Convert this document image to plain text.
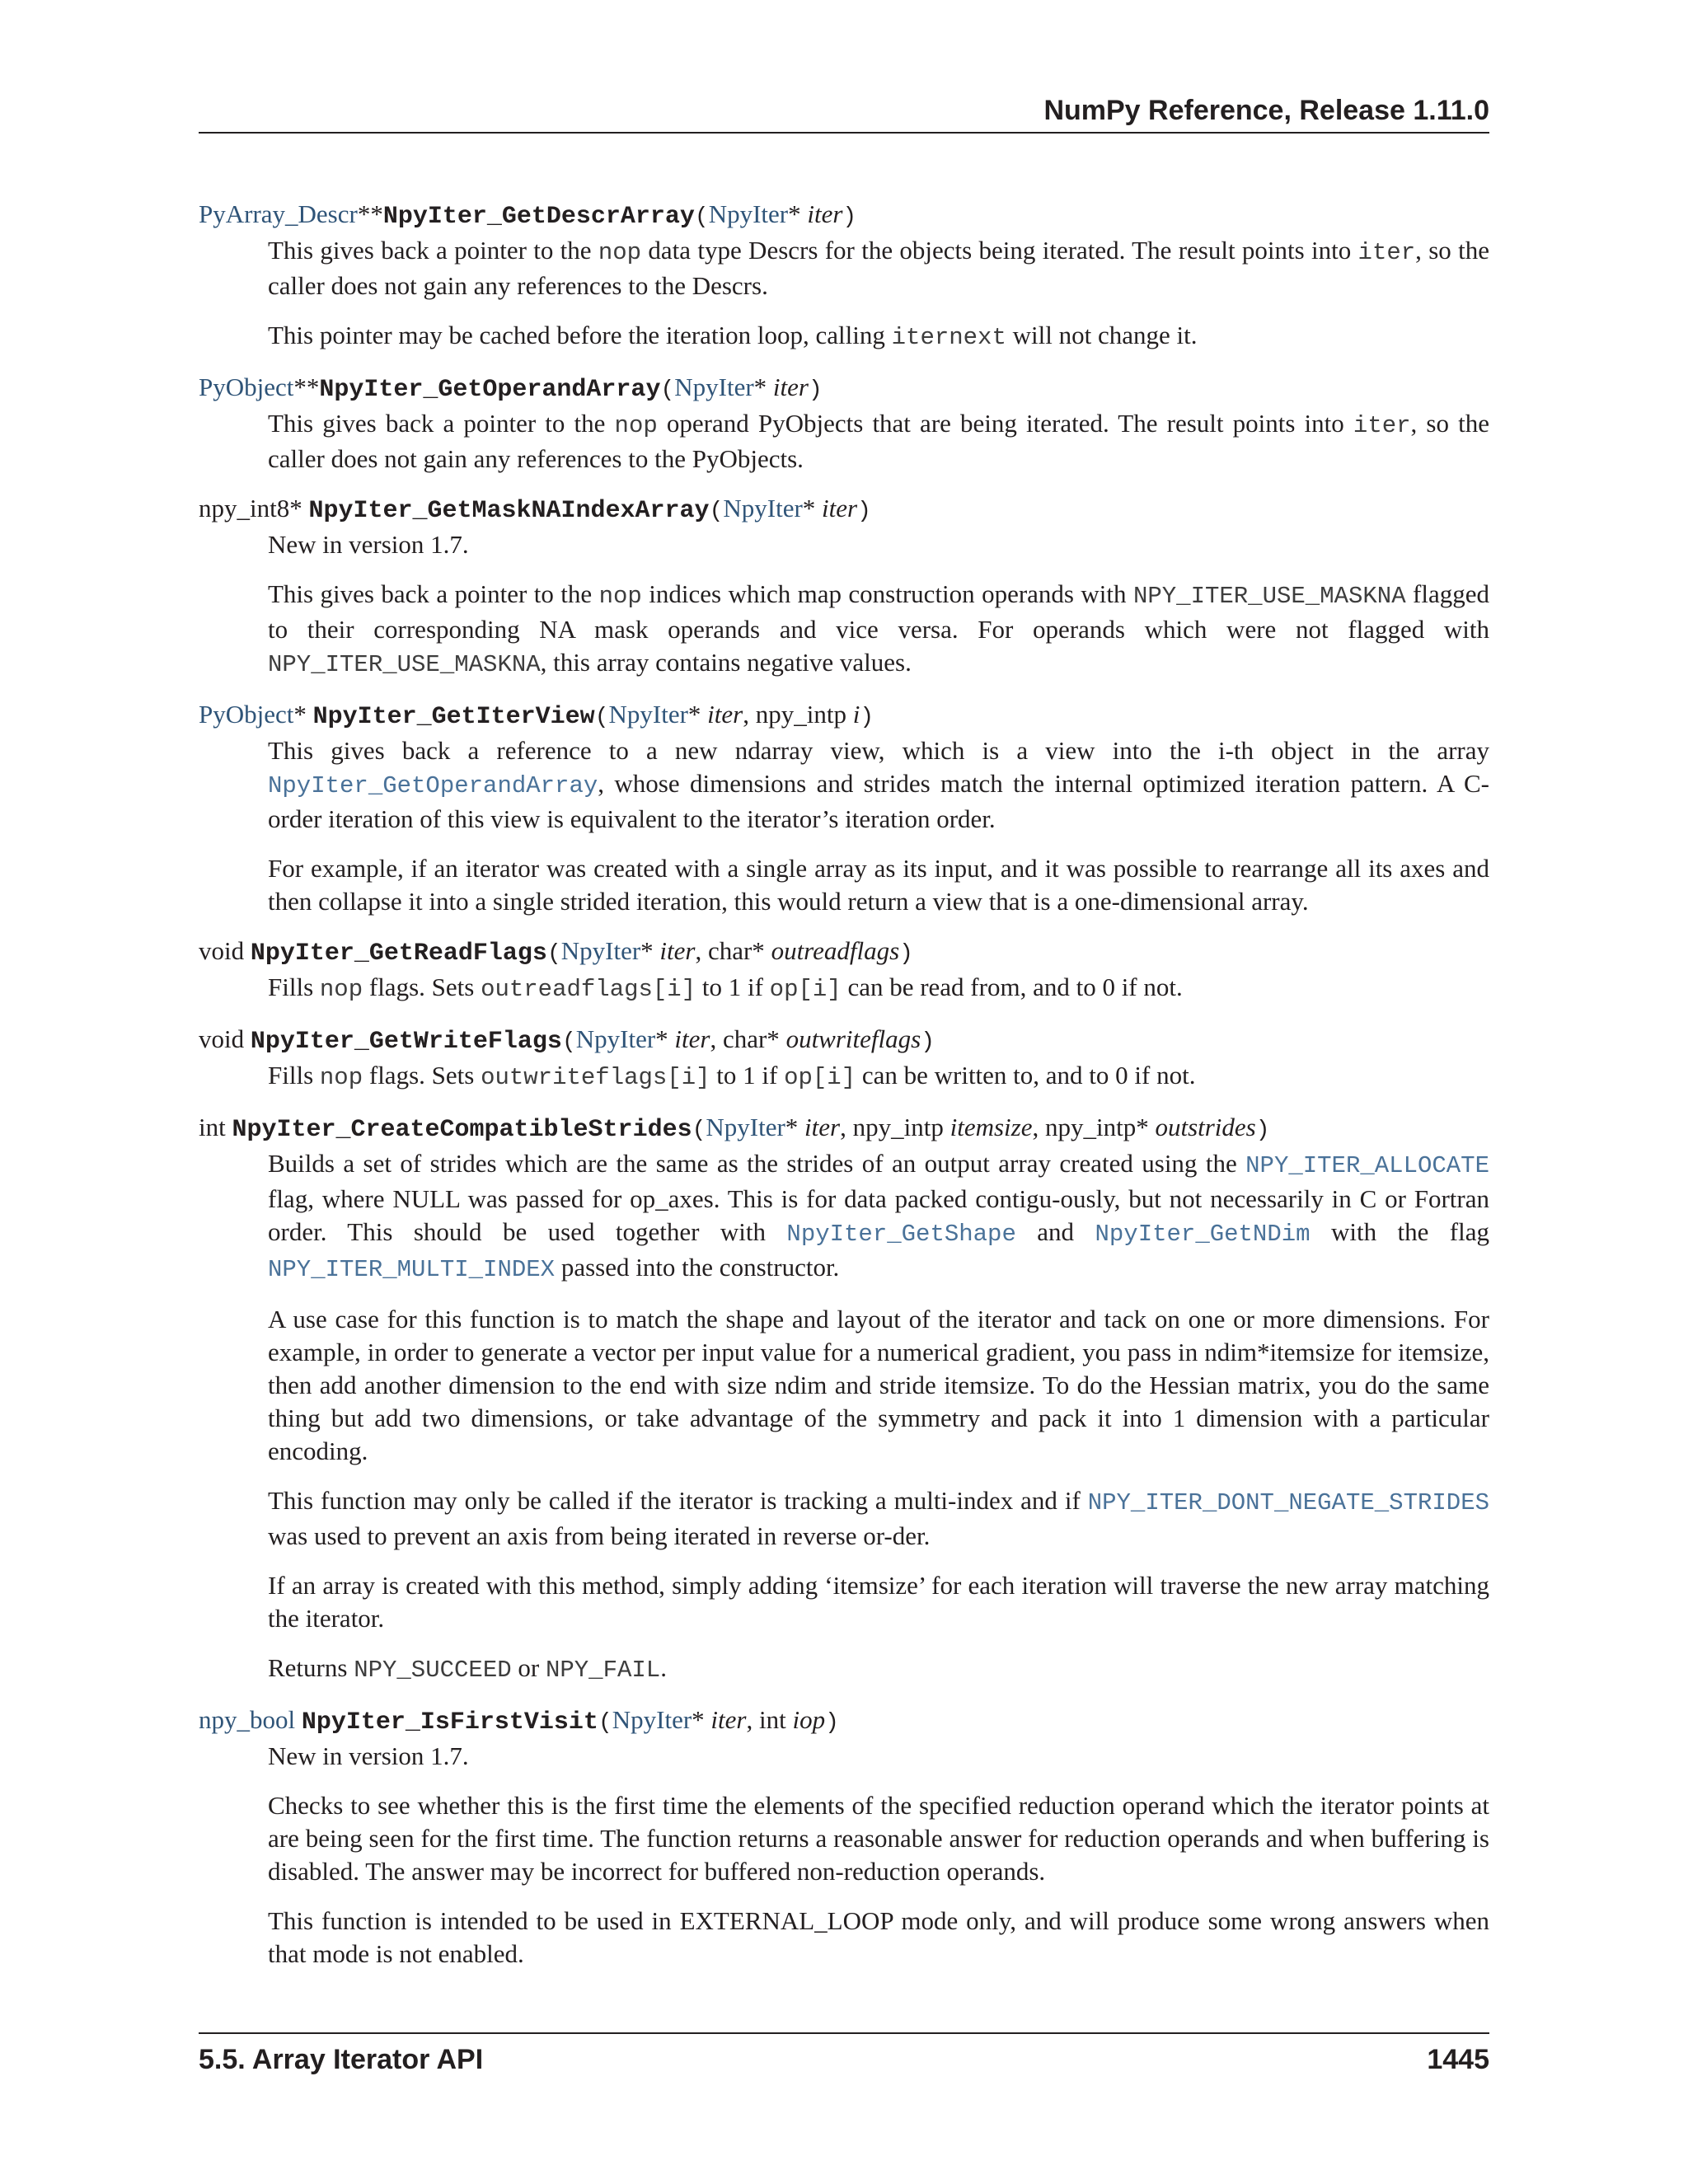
NumPy Reference, Release 1.11.0
PyArray_Descr**NpyIter_GetDescrArray(NpyIter* iter)

This gives back a pointer to the nop data type Descrs for the objects being iterated. The result points into iter, so the caller does not gain any references to the Descrs.

This pointer may be cached before the iteration loop, calling iternext will not change it.

PyObject**NpyIter_GetOperandArray(NpyIter* iter)

This gives back a pointer to the nop operand PyObjects that are being iterated. The result points into iter, so the caller does not gain any references to the PyObjects.

npy_int8* NpyIter_GetMaskNAIndexArray(NpyIter* iter)

New in version 1.7.

This gives back a pointer to the nop indices which map construction operands with NPY_ITER_USE_MASKNA flagged to their corresponding NA mask operands and vice versa. For operands which were not flagged with NPY_ITER_USE_MASKNA, this array contains negative values.

PyObject* NpyIter_GetIterView(NpyIter* iter, npy_intp i)

This gives back a reference to a new ndarray view, which is a view into the i-th object in the array NpyIter_GetOperandArray, whose dimensions and strides match the internal optimized iteration pattern. A C-order iteration of this view is equivalent to the iterator’s iteration order.

For example, if an iterator was created with a single array as its input, and it was possible to rearrange all its axes and then collapse it into a single strided iteration, this would return a view that is a one-dimensional array.

void NpyIter_GetReadFlags(NpyIter* iter, char* outreadflags)

Fills nop flags. Sets outreadflags[i] to 1 if op[i] can be read from, and to 0 if not.

void NpyIter_GetWriteFlags(NpyIter* iter, char* outwriteflags)

Fills nop flags. Sets outwriteflags[i] to 1 if op[i] can be written to, and to 0 if not.

int NpyIter_CreateCompatibleStrides(NpyIter* iter, npy_intp itemsize, npy_intp* outstrides)

Builds a set of strides which are the same as the strides of an output array created using the NPY_ITER_ALLOCATE flag, where NULL was passed for op_axes. This is for data packed contigu-ously, but not necessarily in C or Fortran order. This should be used together with NpyIter_GetShape and NpyIter_GetNDim with the flag NPY_ITER_MULTI_INDEX passed into the constructor.

A use case for this function is to match the shape and layout of the iterator and tack on one or more dimensions. For example, in order to generate a vector per input value for a numerical gradient, you pass in ndim*itemsize for itemsize, then add another dimension to the end with size ndim and stride itemsize. To do the Hessian matrix, you do the same thing but add two dimensions, or take advantage of the symmetry and pack it into 1 dimension with a particular encoding.

This function may only be called if the iterator is tracking a multi-index and if NPY_ITER_DONT_NEGATE_STRIDES was used to prevent an axis from being iterated in reverse or-der.

If an array is created with this method, simply adding ‘itemsize’ for each iteration will traverse the new array matching the iterator.

Returns NPY_SUCCEED or NPY_FAIL.

npy_bool NpyIter_IsFirstVisit(NpyIter* iter, int iop)

New in version 1.7.

Checks to see whether this is the first time the elements of the specified reduction operand which the iterator points at are being seen for the first time. The function returns a reasonable answer for reduction operands and when buffering is disabled. The answer may be incorrect for buffered non-reduction operands.

This function is intended to be used in EXTERNAL_LOOP mode only, and will produce some wrong answers when that mode is not enabled.

5.5. Array Iterator API	1445
